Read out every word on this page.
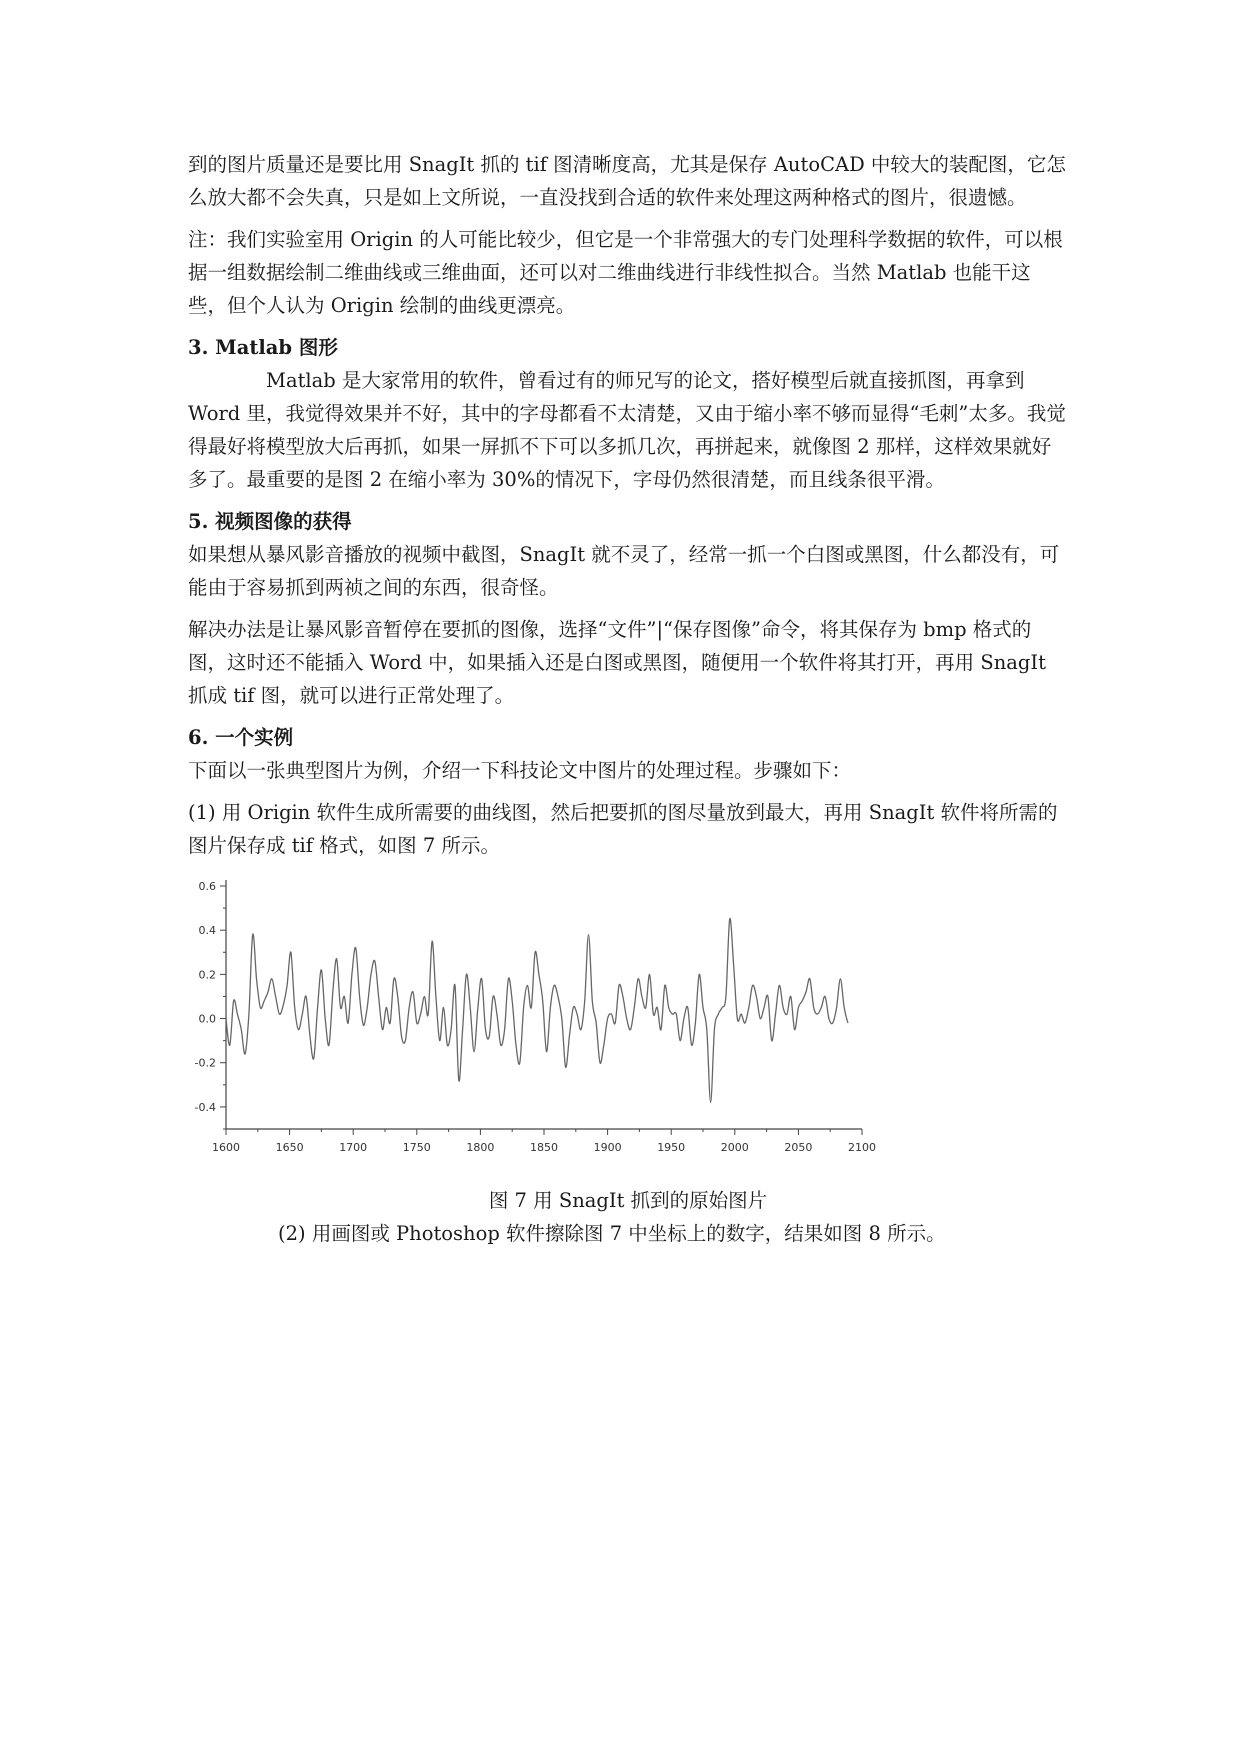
到的图片质量还是要比用 SnagIt 抓的 tif 图清晰度高，尤其是保存 AutoCAD 中较大的装配图，它怎么放大都不会失真，只是如上文所说，一直没找到合适的软件来处理这两种格式的图片，很遗憾。

注：我们实验室用 Origin 的人可能比较少，但它是一个非常强大的专门处理科学数据的软件，可以根据一组数据绘制二维曲线或三维曲面，还可以对二维曲线进行非线性拟合。当然 Matlab 也能干这些，但个人认为 Origin 绘制的曲线更漂亮。

3. Matlab 图形

Matlab 是大家常用的软件，曾看过有的师兄写的论文，搭好模型后就直接抓图，再拿到 Word 里，我觉得效果并不好，其中的字母都看不太清楚，又由于缩小率不够而显得“毛刺”太多。我觉得最好将模型放大后再抓，如果一屏抓不下可以多抓几次，再拼起来，就像图 2 那样，这样效果就好多了。最重要的是图 2 在缩小率为 30%的情况下，字母仍然很清楚，而且线条很平滑。

5. 视频图像的获得

如果想从暴风影音播放的视频中截图，SnagIt 就不灵了，经常一抓一个白图或黑图，什么都没有，可能由于容易抓到两祯之间的东西，很奇怪。

解决办法是让暴风影音暂停在要抓的图像，选择“文件”|“保存图像”命令，将其保存为 bmp 格式的图，这时还不能插入 Word 中，如果插入还是白图或黑图，随便用一个软件将其打开，再用 SnagIt 抓成 tif 图，就可以进行正常处理了。

6. 一个实例

下面以一张典型图片为例，介绍一下科技论文中图片的处理过程。步骤如下：

(1) 用 Origin 软件生成所需要的曲线图，然后把要抓的图尽量放到最大，再用 SnagIt 软件将所需的图片保存成 tif 格式，如图 7 所示。

1600	1650	1700	1750	1800	1850	1900	1950	2000	2050	2100
-0.4
-0.2
0.0
0.2
0.4
0.6

图 7 用 SnagIt 抓到的原始图片

(2) 用画图或 Photoshop 软件擦除图 7 中坐标上的数字，结果如图 8 所示。
